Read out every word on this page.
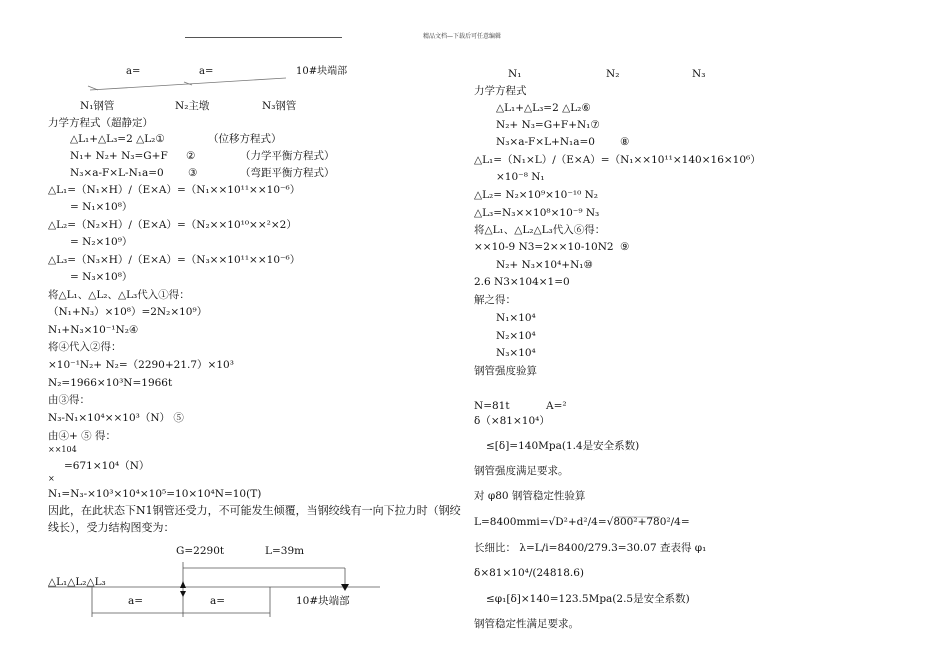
精品文档—下载后可任意编辑
a=	a=	10#块端部
N₁钢管	N₂主墩	N₃钢管
力学方程式（超静定）
△L₁+△L₃=2 △L₂①	（位移方程式）
N₁+ N₂+ N₃=G+F ②	（力学平衡方程式）
N₃×a-F×L-N₁a=0 ③	（弯距平衡方程式）
△L₁=（N₁×H）/（E×A）=（N₁××10¹¹××10⁻⁶）
= N₁×10⁸）
△L₂=（N₂×H）/（E×A）=（N₂××10¹⁰××²×2）
= N₂×10⁹）
△L₃=（N₃×H）/（E×A）=（N₃××10¹¹××10⁻⁶）
= N₃×10⁸）
将△L₁、△L₂、△L₃代入①得：
（N₁+N₃）×10⁸）=2N₂×10⁹）
N₁+N₃×10⁻¹N₂④
将④代入②得：
×10⁻¹N₂+ N₂=（2290+21.7）×10³
N₂=1966×10³N=1966t
由③得：
N₃-N₁×10⁴××10³（N） ⑤
由④+ ⑤ 得：
××104
=671×10⁴（N）
×
N₁=N₃-×10³×10⁴×10⁵=10×10⁴N=10(T)
因此，在此状态下N1钢管还受力，不可能发生倾覆，当钢绞线有一向下拉力时（钢绞
线长），受力结构图变为：
G=2290t	L=39m
△L₁△L₂△L₃
a=	a=	10#块端部
N₁	N₂	N₃
力学方程式
△L₁+△L₃=2 △L₂⑥
N₂+ N₃=G+F+N₁⑦
N₃×a-F×L+N₁a=0 ⑧
△L₁=（N₁×L）/（E×A）=（N₁××10¹¹×140×16×10⁶）
×10⁻⁸ N₁
△L₂= N₂×10⁹×10⁻¹⁰ N₂
△L₃=N₃××10⁸×10⁻⁹ N₃
将△L₁、△L₂△L₃代入⑥得：
××10-9 N3=2××10-10N2 ⑨
N₂+ N₃×10⁴+N₁⑩
2.6 N3×104×1=0
解之得：
N₁×10⁴
N₂×10⁴
N₃×10⁴
钢管强度验算
N=81t	A=²
δ（×81×10⁴）
≤[δ]=140Mpa(1.4是安全系数)
钢管强度满足要求。
对 φ80 钢管稳定性验算
L=8400mmi=√D²+d²/4=√800²+780²/4=
长细比： λ=L/i=8400/279.3=30.07 查表得 φ₁
δ×81×10⁴/(24818.6)
≤φ₁[δ]×140=123.5Mpa(2.5是安全系数)
钢管稳定性满足要求。
